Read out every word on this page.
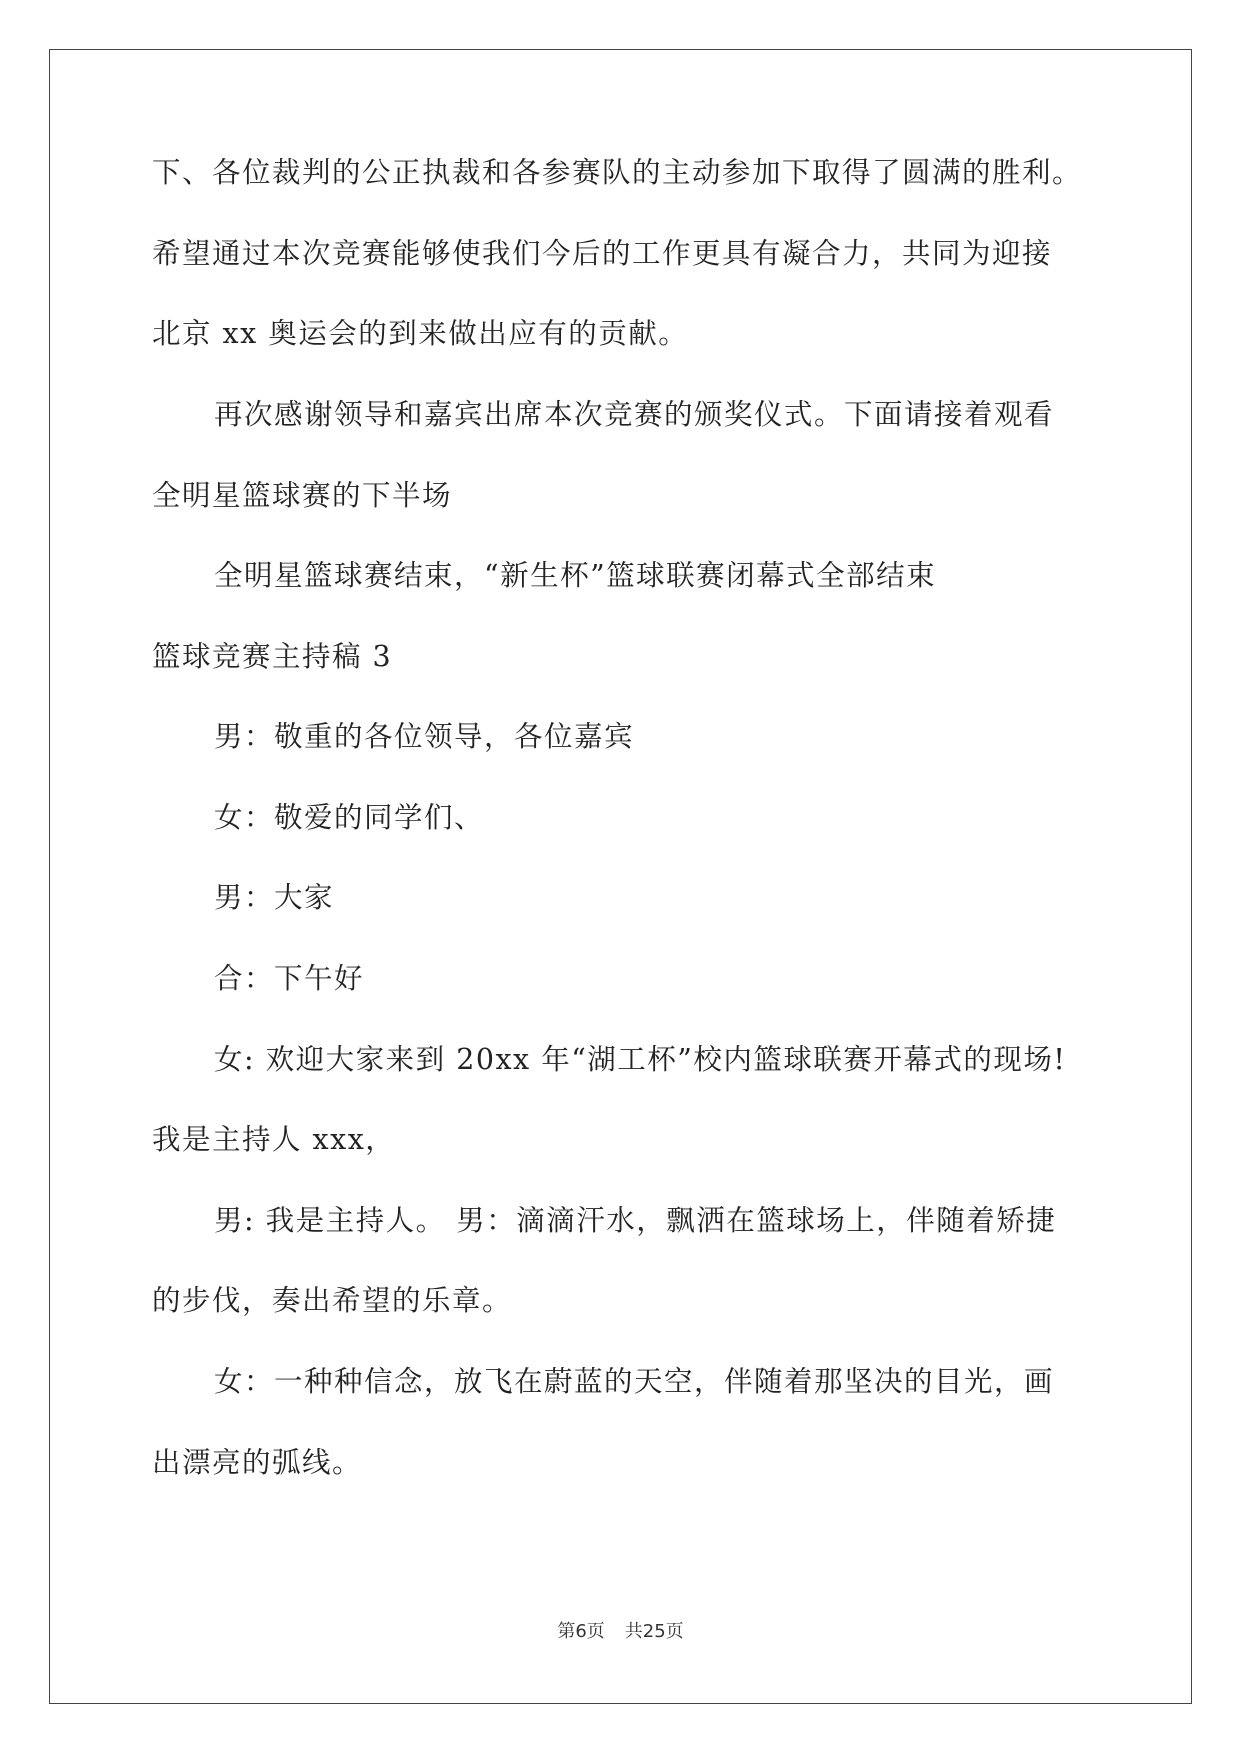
下、各位裁判的公正执裁和各参赛队的主动参加下取得了圆满的胜利。
希望通过本次竞赛能够使我们今后的工作更具有凝合力，共同为迎接
北京 xx 奥运会的到来做出应有的贡献。
再次感谢领导和嘉宾出席本次竞赛的颁奖仪式。下面请接着观看
全明星篮球赛的下半场
全明星篮球赛结束，“新生杯”篮球联赛闭幕式全部结束
篮球竞赛主持稿 3
男：敬重的各位领导，各位嘉宾
女：敬爱的同学们、
男：大家
合：下午好
女: 欢迎大家来到 20xx 年“湖工杯”校内篮球联赛开幕式的现场!
我是主持人 xxx，
男: 我是主持人。 男：滴滴汗水，飘洒在篮球场上，伴随着矫捷
的步伐，奏出希望的乐章。
女：一种种信念，放飞在蔚蓝的天空，伴随着那坚决的目光，画
出漂亮的弧线。
第6页 共25页
